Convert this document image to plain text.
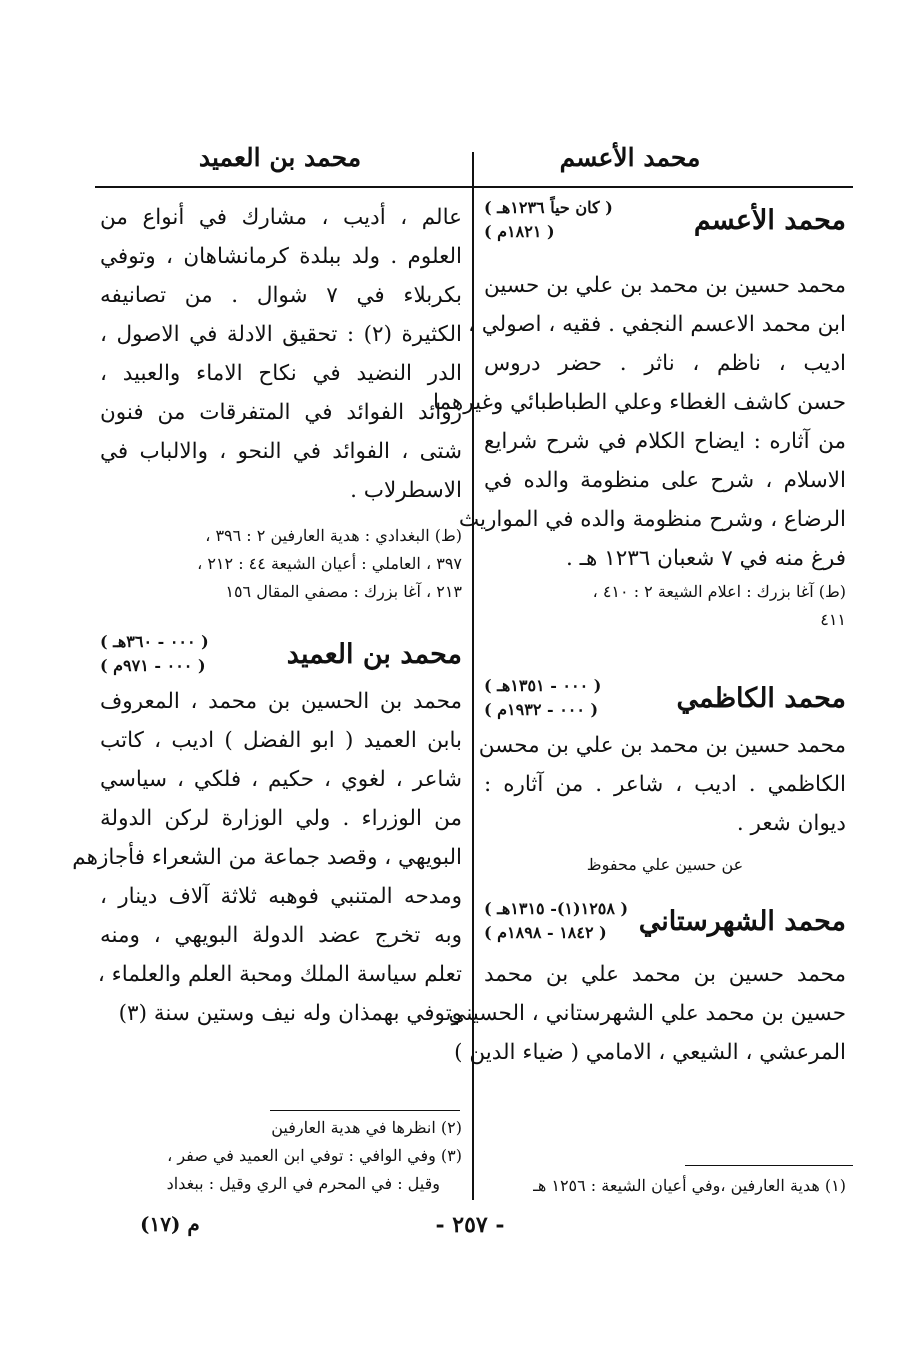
محمد الأعسم
محمد بن العميد
محمد الأعسم
( كان حياً ١٢٣٦هـ )
( ١٨٢١م )
محمد حسين بن محمد بن علي بن حسين
ابن محمد الاعسم النجفي . فقيه ، اصولي ،
اديب ، ناظم ، ناثر . حضر دروس
حسن كاشف الغطاء وعلي الطباطبائي وغيرهما
من آثاره : ايضاح الكلام في شرح شرايع
الاسلام ، شرح على منظومة والده في
الرضاع ، وشرح منظومة والده في المواريث
فرغ منه في ٧ شعبان ١٢٣٦ هـ .
(ط) آغا بزرك : اعلام الشيعة ٢ : ٤١٠ ،
٤١١
محمد الكاظمي
( ٠٠٠ - ١٣٥١هـ )
( ٠٠٠ - ١٩٣٢م )
محمد حسين بن محمد بن علي بن محسن
الكاظمي . اديب ، شاعر . من آثاره :
ديوان شعر .
عن حسين علي محفوظ
محمد الشهرستاني
( ١٢٥٨(١)- ١٣١٥هـ )
( ١٨٤٢ - ١٨٩٨م )
محمد حسين بن محمد علي بن محمد
حسين بن محمد علي الشهرستاني ، الحسيني
المرعشي ، الشيعي ، الامامي ( ضياء الدين )
(١) هدية العارفين ،وفي أعيان الشيعة : ١٢٥٦ هـ
عالم ، أديب ، مشارك في أنواع من
العلوم . ولد ببلدة كرمانشاهان ، وتوفي
بكربلاء في ٧ شوال . من تصانيفه
الكثيرة (٢) : تحقيق الادلة في الاصول ،
الدر النضيد في نكاح الاماء والعبيد ،
زوائد الفوائد في المتفرقات من فنون
شتى ، الفوائد في النحو ، والالباب في
الاسطرلاب .
(ط) البغدادي : هدية العارفين ٢ : ٣٩٦ ،
٣٩٧ ، العاملي : أعيان الشيعة ٤٤ : ٢١٢ ،
٢١٣ ، آغا بزرك : مصفي المقال ١٥٦
محمد بن العميد
( ٠٠٠ - ٣٦٠هـ )
( ٠٠٠ - ٩٧١م )
محمد بن الحسين بن محمد ، المعروف
بابن العميد ( ابو الفضل ) اديب ، كاتب
شاعر ، لغوي ، حكيم ، فلكي ، سياسي
من الوزراء . ولي الوزارة لركن الدولة
البويهي ، وقصد جماعة من الشعراء فأجازهم
ومدحه المتنبي فوهبه ثلاثة آلاف دينار ،
وبه تخرج عضد الدولة البويهي ، ومنه
تعلم سياسة الملك ومحبة العلم والعلماء ،
وتوفي بهمذان وله نيف وستين سنة (٣)
(٢) انظرها في هدية العارفين
(٣) وفي الوافي : توفي ابن العميد في صفر ،
وقيل : في المحرم في الري وقيل : ببغداد
- ٢٥٧ -
م (١٧)
